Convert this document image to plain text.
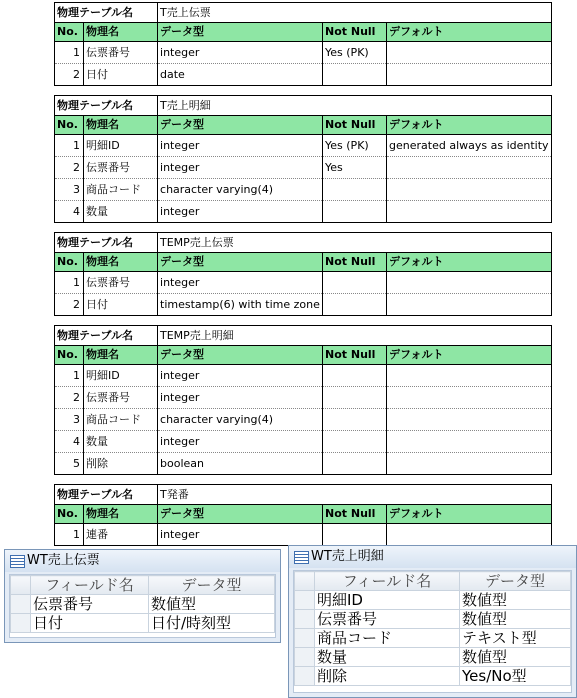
物理テーブル名		T売上伝票		
No.	物理名	データ型	Not Null	デフォルト
1	伝票番号	integer	Yes (PK)	
2	日付	date		
物理テーブル名		T売上明細		
No.	物理名	データ型	Not Null	デフォルト
1	明細ID	integer	Yes (PK)	generated always as identity
2	伝票番号	integer	Yes	
3	商品コード	character varying(4)		
4	数量	integer		
物理テーブル名		TEMP売上伝票		
No.	物理名	データ型	Not Null	デフォルト
1	伝票番号	integer		
2	日付	timestamp(6) with time zone		
物理テーブル名		TEMP売上明細		
No.	物理名	データ型	Not Null	デフォルト
1	明細ID	integer		
2	伝票番号	integer		
3	商品コード	character varying(4)		
4	数量	integer		
5	削除	boolean		
物理テーブル名		T発番		
No.	物理名	データ型	Not Null	デフォルト
1	連番	integer		
WT売上伝票
	フィールド名	データ型
	伝票番号	数値型
	日付	日付/時刻型
WT売上明細
	フィールド名	データ型
	明細ID	数値型
	伝票番号	数値型
	商品コード	テキスト型
	数量	数値型
	削除	Yes/No型
